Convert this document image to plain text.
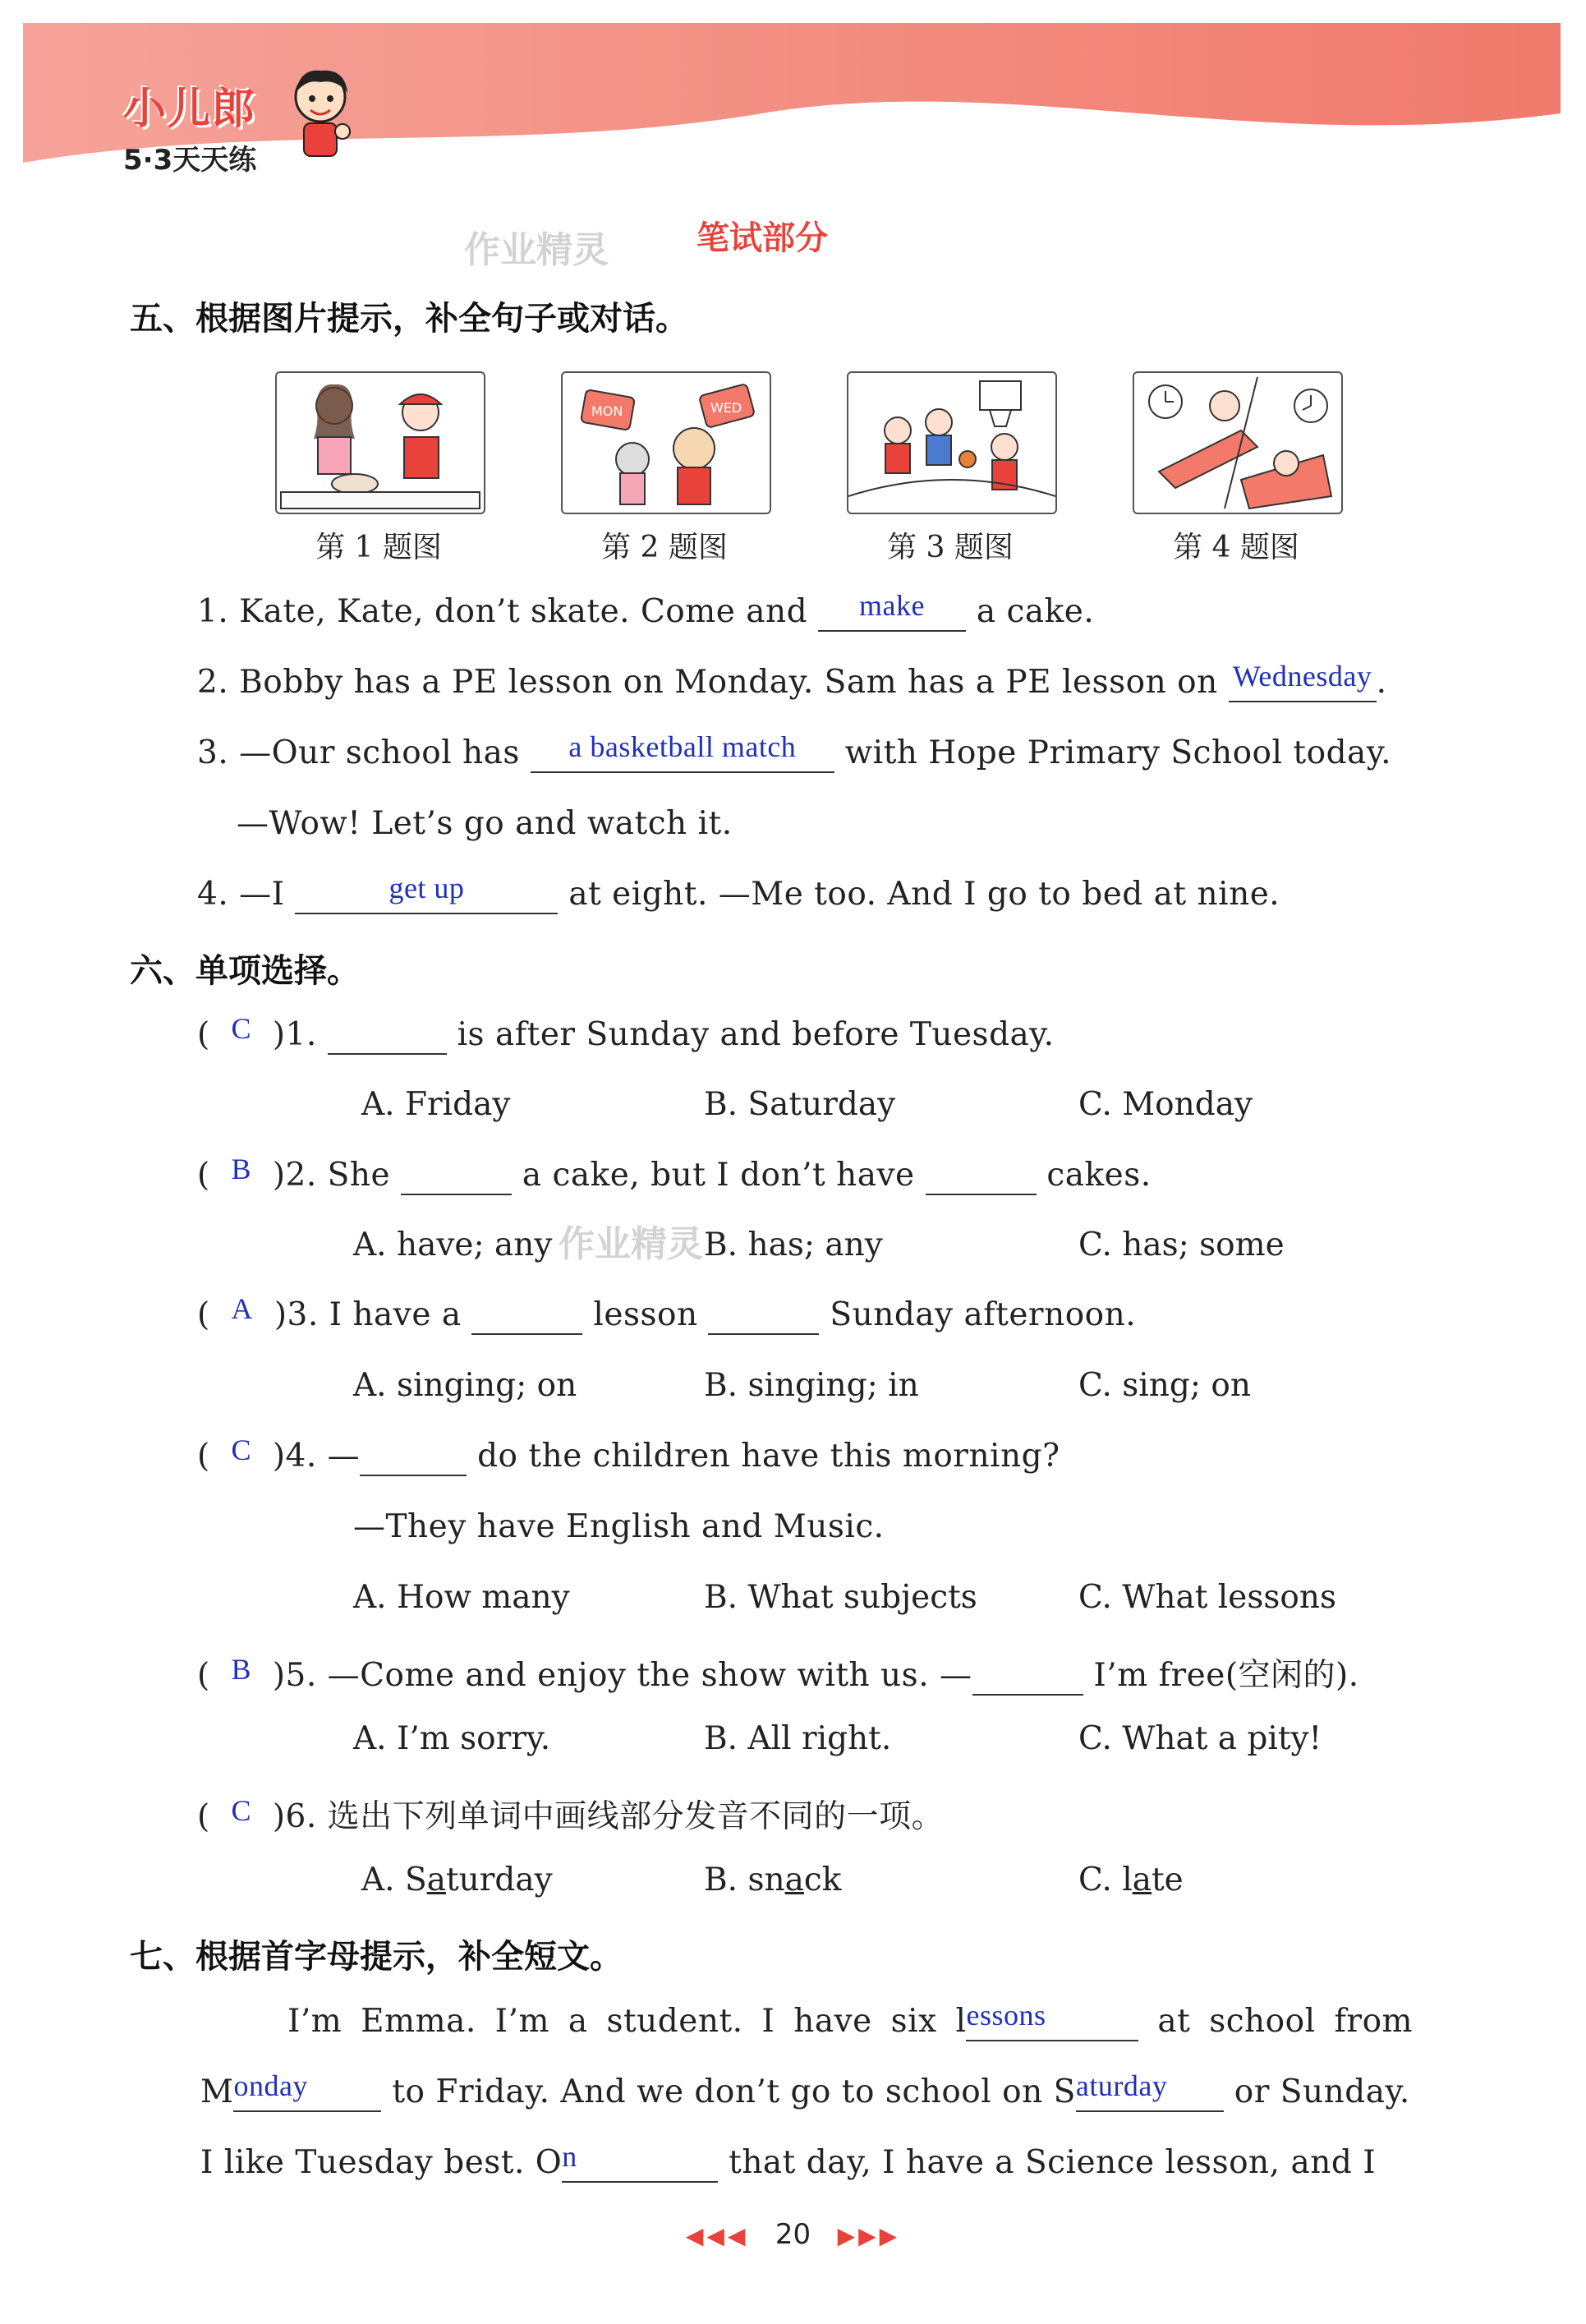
小儿郎
5·3天天练
作业精灵	笔试部分
五、根据图片提示，补全句子或对话。
MON	WED
第 1 题图	第 2 题图	第 3 题图	第 4 题图
1. Kate, Kate, don’t skate. Come and make a cake.
2. Bobby has a PE lesson on Monday. Sam has a PE lesson on Wednesday .
3. —Our school has a basketball match with Hope Primary School today.
—Wow! Let’s go and watch it.
4. —I	get up	at eight. —Me too. And I go to bed at nine.
六、单项选择。
(  C )1.	is after Sunday and before Tuesday.
A. Friday	B. Saturday	C. Monday
(  B )2. She	a cake, but I don’t have	cakes.
A. have; any	B. has; any	C. has; some
作业精灵
(  A )3. I have a	lesson	Sunday afternoon.
A. singing; on	B. singing; in	C. sing; on
(  C )4. —	do the children have this morning?
—They have English and Music.
A. How many	B. What subjects	C. What lessons
(  B )5. —Come and enjoy the show with us. —	I’m free(空闲的).
A. I’m sorry.	B. All right.	C. What a pity!
(  C )6. 选出下列单词中画线部分发音不同的一项。
A. Saturday	B. snack	C. late
七、根据首字母提示，补全短文。
I’m Emma. I’m a student. I have six lessons	at school from
Monday	to Friday. And we don’t go to school on Saturday or Sunday.
I like Tuesday best. On	that day, I have a Science lesson, and I
◀◀◀ 20 ▶▶▶
